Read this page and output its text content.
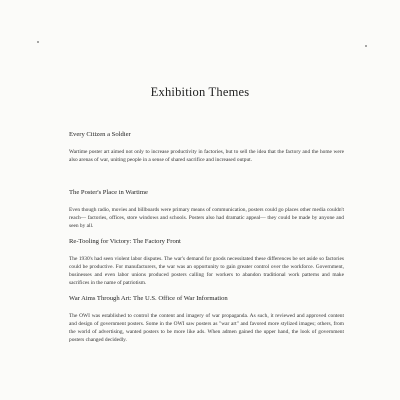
Exhibition Themes
Every Citizen a Soldier
Wartime poster art aimed not only to increase productivity in factories, but to sell the idea that the factory and the home were also arenas of war, uniting people in a sense of shared sacrifice and increased output.
The Poster's Place in Wartime
Even though radio, movies and billboards were primary means of communication, posters could go places other media couldn't reach— factories, offices, store windows and schools. Posters also had dramatic appeal— they could be made by anyone and seen by all.
Re-Tooling for Victory: The Factory Front
The 1930's had seen violent labor disputes. The war's demand for goods necessitated these differences be set aside so factories could be productive. For manufacturers, the war was an opportunity to gain greater control over the workforce. Government, businesses and even labor unions produced posters calling for workers to abandon traditional work patterns and make sacrifices in the name of patriotism.
War Aims Through Art: The U.S. Office of War Information
The OWI was established to control the content and imagery of war propaganda. As such, it reviewed and approved content and design of government posters. Some in the OWI saw posters as "war art" and favored more stylized images; others, from the world of advertising, wanted posters to be more like ads. When admen gained the upper hand, the look of government posters changed decidedly.
